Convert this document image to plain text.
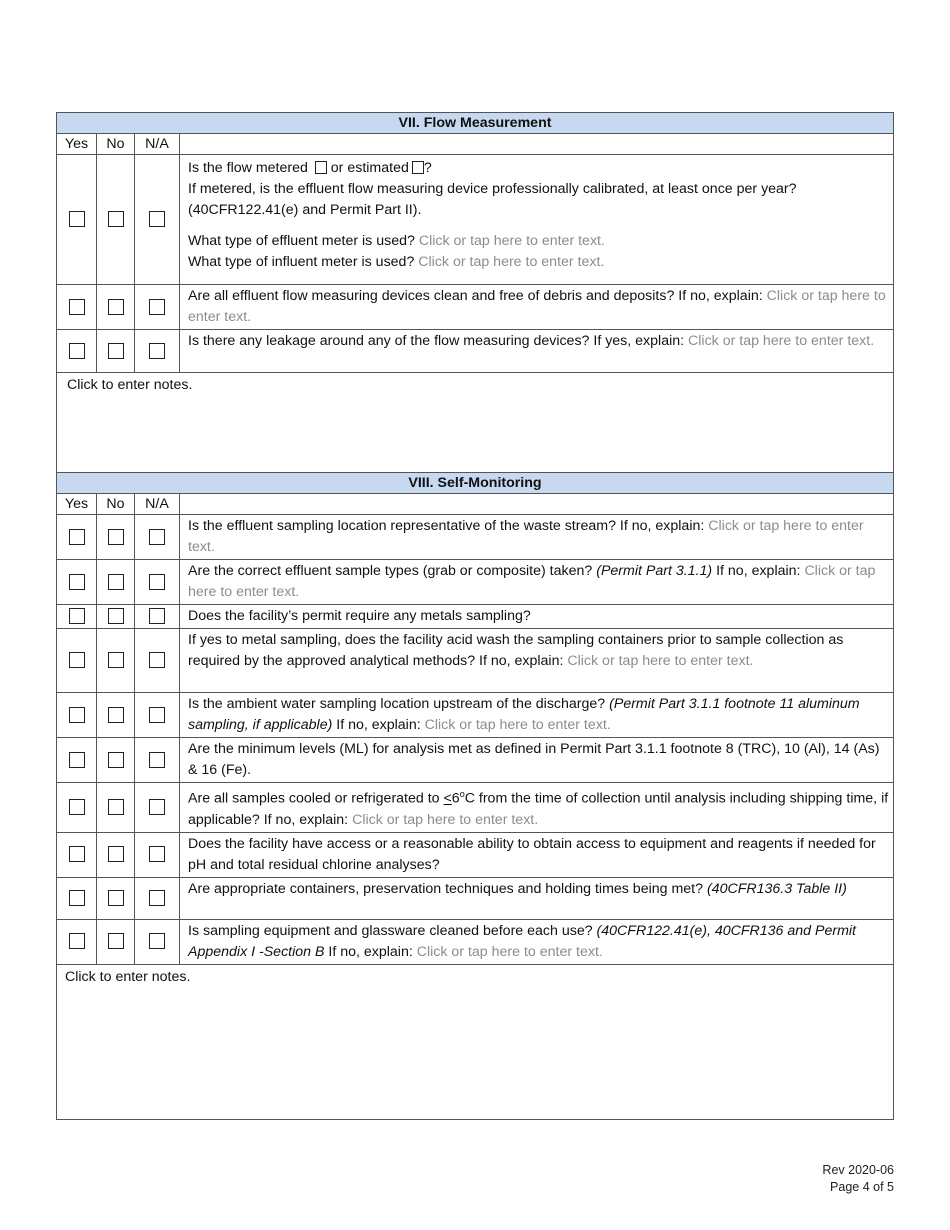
VII. Flow Measurement			
Yes	No	N/A	
			Is the flow metered or estimated ?
If metered, is the effluent flow measuring device professionally calibrated, at least once per year? (40CFR122.41(e) and Permit Part II).
What type of effluent meter is used? Click or tap here to enter text.
What type of influent meter is used? Click or tap here to enter text.
			Are all effluent flow measuring devices clean and free of debris and deposits? If no, explain: Click or tap here to enter text.
			Is there any leakage around any of the flow measuring devices? If yes, explain: Click or tap here to enter text.
Click to enter notes.			
VIII. Self-Monitoring			
Yes	No	N/A	
			Is the effluent sampling location representative of the waste stream? If no, explain: Click or tap here to enter text.
			Are the correct effluent sample types (grab or composite) taken? (Permit Part 3.1.1) If no, explain: Click or tap here to enter text.
			Does the facility’s permit require any metals sampling?
			If yes to metal sampling, does the facility acid wash the sampling containers prior to sample collection as required by the approved analytical methods? If no, explain: Click or tap here to enter text.
			Is the ambient water sampling location upstream of the discharge? (Permit Part 3.1.1 footnote 11 aluminum sampling, if applicable) If no, explain: Click or tap here to enter text.
			Are the minimum levels (ML) for analysis met as defined in Permit Part 3.1.1 footnote 8 (TRC), 10 (Al), 14 (As) & 16 (Fe).
			Are all samples cooled or refrigerated to $\le 6^oC$ from the time of collection until analysis including shipping time, if applicable? If no, explain: Click or tap here to enter text.
			Does the facility have access or a reasonable ability to obtain access to equipment and reagents if needed for pH and total residual chlorine analyses?
			Are appropriate containers, preservation techniques and holding times being met? (40CFR136.3 Table II)
			Is sampling equipment and glassware cleaned before each use? (40CFR122.41(e), 40CFR136 and Permit Appendix I -Section B If no, explain: Click or tap here to enter text.
Click to enter notes.			
Rev 2020-06
Page 4 of 5
